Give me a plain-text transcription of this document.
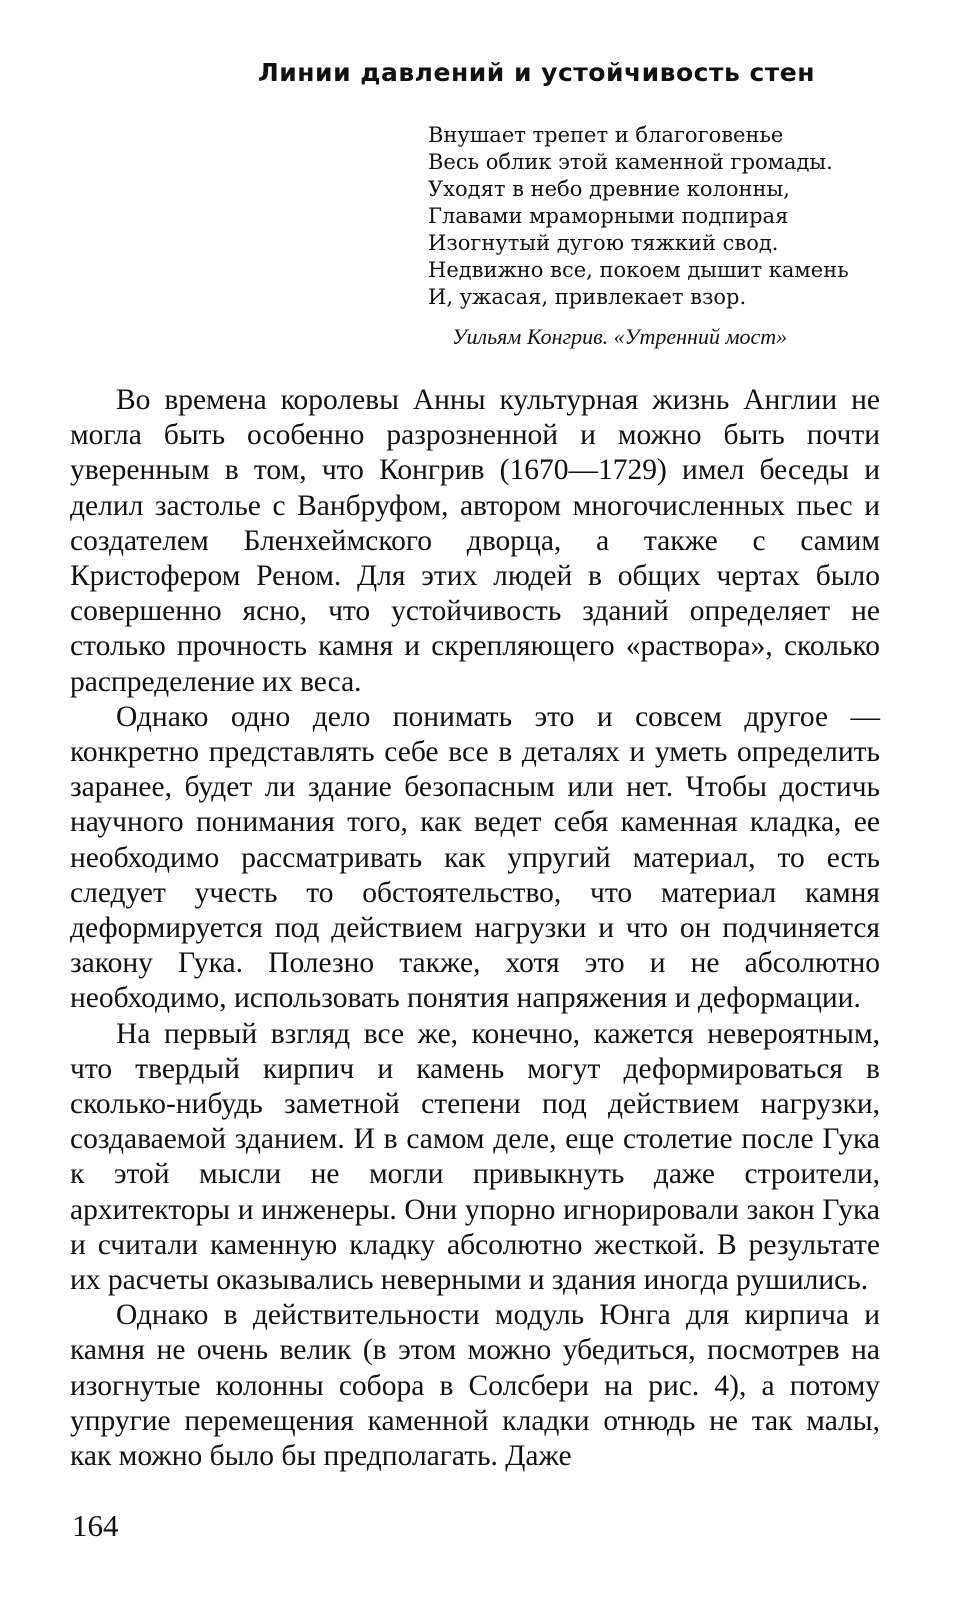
Линии давлений и устойчивость стен
Внушает трепет и благоговенье
Весь облик этой каменной громады.
Уходят в небо древние колонны,
Главами мраморными подпирая
Изогнутый дугою тяжкий свод.
Недвижно все, покоем дышит камень
И, ужасая, привлекает взор.

Уильям Конгрив. «Утренний мост»

Во времена королевы Анны культурная жизнь Англии не могла быть особенно разрозненной и можно быть почти уверенным в том, что Конгрив (1670—1729) имел беседы и делил застолье с Ванбруфом, автором многочисленных пьес и создателем Бленхеймского дворца, а также с самим Кристофером Реном. Для этих людей в общих чертах было совершенно ясно, что устойчивость зданий определяет не столько прочность камня и скрепляющего «раствора», сколько распределение их веса.

Однако одно дело понимать это и совсем другое — конкретно представлять себе все в деталях и уметь определить заранее, будет ли здание безопасным или нет. Чтобы достичь научного понимания того, как ведет себя каменная кладка, ее необходимо рассматривать как упругий материал, то есть следует учесть то обстоятельство, что материал камня деформируется под действием нагрузки и что он подчиняется закону Гука. Полезно также, хотя это и не абсолютно необходимо, использовать понятия напряжения и деформации.

На первый взгляд все же, конечно, кажется невероятным, что твердый кирпич и камень могут деформироваться в сколько-нибудь заметной степени под действием нагрузки, создаваемой зданием. И в самом деле, еще столетие после Гука к этой мысли не могли привыкнуть даже строители, архитекторы и инженеры. Они упорно игнорировали закон Гука и считали каменную кладку абсолютно жесткой. В результате их расчеты оказывались неверными и здания иногда рушились.

Однако в действительности модуль Юнга для кирпича и камня не очень велик (в этом можно убедиться, посмотрев на изогнутые колонны собора в Солсбери на рис. 4), а потому упругие перемещения каменной кладки отнюдь не так малы, как можно было бы предполагать. Даже

164
